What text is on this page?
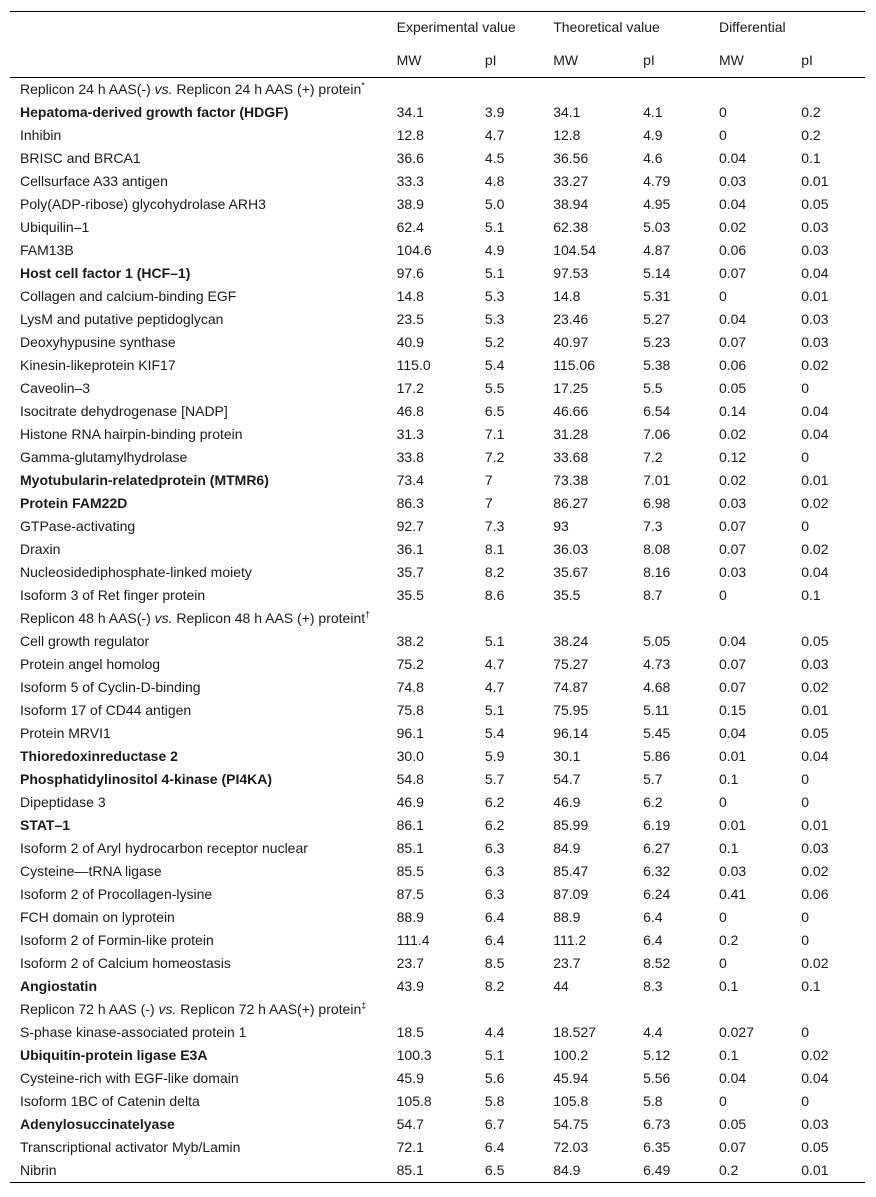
	Experimental value		Theoretical value		Differential	
	MW	pI	MW	pI	MW	pI
Replicon 24 h AAS(-) vs. Replicon 24 h AAS (+) protein*
Hepatoma-derived growth factor (HDGF)	34.1	3.9	34.1	4.1	0	0.2
Inhibin	12.8	4.7	12.8	4.9	0	0.2
BRISC and BRCA1	36.6	4.5	36.56	4.6	0.04	0.1
Cellsurface A33 antigen	33.3	4.8	33.27	4.79	0.03	0.01
Poly(ADP-ribose) glycohydrolase ARH3	38.9	5.0	38.94	4.95	0.04	0.05
Ubiquilin–1	62.4	5.1	62.38	5.03	0.02	0.03
FAM13B	104.6	4.9	104.54	4.87	0.06	0.03
Host cell factor 1 (HCF–1)	97.6	5.1	97.53	5.14	0.07	0.04
Collagen and calcium-binding EGF	14.8	5.3	14.8	5.31	0	0.01
LysM and putative peptidoglycan	23.5	5.3	23.46	5.27	0.04	0.03
Deoxyhypusine synthase	40.9	5.2	40.97	5.23	0.07	0.03
Kinesin-likeprotein KIF17	115.0	5.4	115.06	5.38	0.06	0.02
Caveolin–3	17.2	5.5	17.25	5.5	0.05	0
Isocitrate dehydrogenase [NADP]	46.8	6.5	46.66	6.54	0.14	0.04
Histone RNA hairpin-binding protein	31.3	7.1	31.28	7.06	0.02	0.04
Gamma-glutamylhydrolase	33.8	7.2	33.68	7.2	0.12	0
Myotubularin-relatedprotein (MTMR6)	73.4	7	73.38	7.01	0.02	0.01
Protein FAM22D	86.3	7	86.27	6.98	0.03	0.02
GTPase-activating	92.7	7.3	93	7.3	0.07	0
Draxin	36.1	8.1	36.03	8.08	0.07	0.02
Nucleosidediphosphate-linked moiety	35.7	8.2	35.67	8.16	0.03	0.04
Isoform 3 of Ret finger protein	35.5	8.6	35.5	8.7	0	0.1
Replicon 48 h AAS(-) vs. Replicon 48 h AAS (+) proteint†
Cell growth regulator	38.2	5.1	38.24	5.05	0.04	0.05
Protein angel homolog	75.2	4.7	75.27	4.73	0.07	0.03
Isoform 5 of Cyclin-D-binding	74.8	4.7	74.87	4.68	0.07	0.02
Isoform 17 of CD44 antigen	75.8	5.1	75.95	5.11	0.15	0.01
Protein MRVI1	96.1	5.4	96.14	5.45	0.04	0.05
Thioredoxinreductase 2	30.0	5.9	30.1	5.86	0.01	0.04
Phosphatidylinositol 4-kinase (PI4KA)	54.8	5.7	54.7	5.7	0.1	0
Dipeptidase 3	46.9	6.2	46.9	6.2	0	0
STAT–1	86.1	6.2	85.99	6.19	0.01	0.01
Isoform 2 of Aryl hydrocarbon receptor nuclear	85.1	6.3	84.9	6.27	0.1	0.03
Cysteine—tRNA ligase	85.5	6.3	85.47	6.32	0.03	0.02
Isoform 2 of Procollagen-lysine	87.5	6.3	87.09	6.24	0.41	0.06
FCH domain on lyprotein	88.9	6.4	88.9	6.4	0	0
Isoform 2 of Formin-like protein	111.4	6.4	111.2	6.4	0.2	0
Isoform 2 of Calcium homeostasis	23.7	8.5	23.7	8.52	0	0.02
Angiostatin	43.9	8.2	44	8.3	0.1	0.1
Replicon 72 h AAS (-) vs. Replicon 72 h AAS(+) protein‡
S-phase kinase-associated protein 1	18.5	4.4	18.527	4.4	0.027	0
Ubiquitin-protein ligase E3A	100.3	5.1	100.2	5.12	0.1	0.02
Cysteine-rich with EGF-like domain	45.9	5.6	45.94	5.56	0.04	0.04
Isoform 1BC of Catenin delta	105.8	5.8	105.8	5.8	0	0
Adenylosuccinatelyase	54.7	6.7	54.75	6.73	0.05	0.03
Transcriptional activator Myb/Lamin	72.1	6.4	72.03	6.35	0.07	0.05
Nibrin	85.1	6.5	84.9	6.49	0.2	0.01
